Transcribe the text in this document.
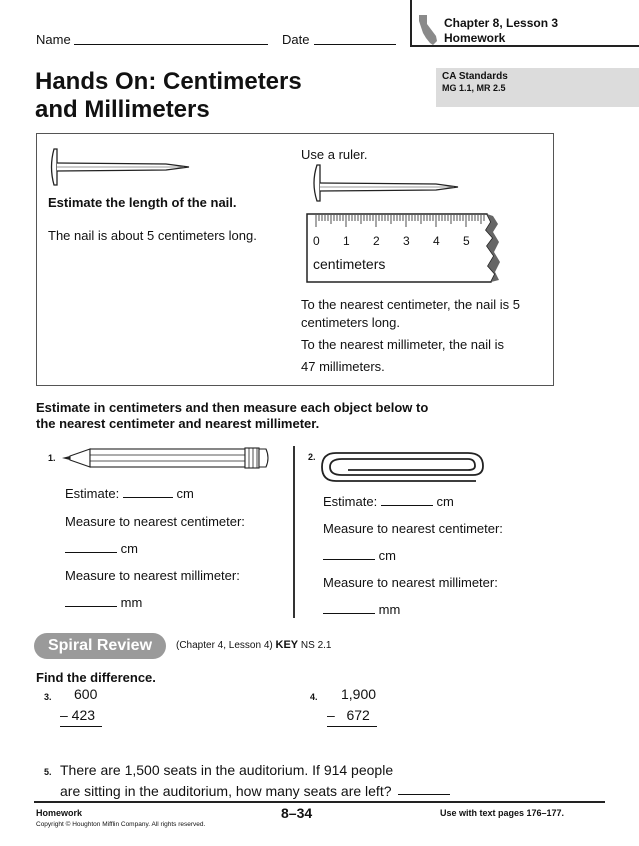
Name	Date
Chapter 8, Lesson 3
Homework
Hands On: Centimeters
and Millimeters
CA Standards
MG 1.1, MR 2.5
Estimate the length of the nail.
The nail is about 5 centimeters long.
Use a ruler.
0 1 2 3 4 5
centimeters
To the nearest centimeter, the nail is 5
centimeters long.
To the nearest millimeter, the nail is
47 millimeters.
Estimate in centimeters and then measure each object below to
the nearest centimeter and nearest millimeter.
1.
Estimate:	cm
Measure to nearest centimeter:
cm
Measure to nearest millimeter:
mm
2.
Estimate:	cm
Measure to nearest centimeter:
cm
Measure to nearest millimeter:
mm
Spiral Review	(Chapter 4, Lesson 4) KEY NS 2.1
Find the difference.
3. 600
– 423
4. 1,900
–   672
5. There are 1,500 seats in the auditorium. If 914 people
are sitting in the auditorium, how many seats are left?
Homework
Copyright © Houghton Mifflin Company. All rights reserved.
8–34	Use with text pages 176–177.
